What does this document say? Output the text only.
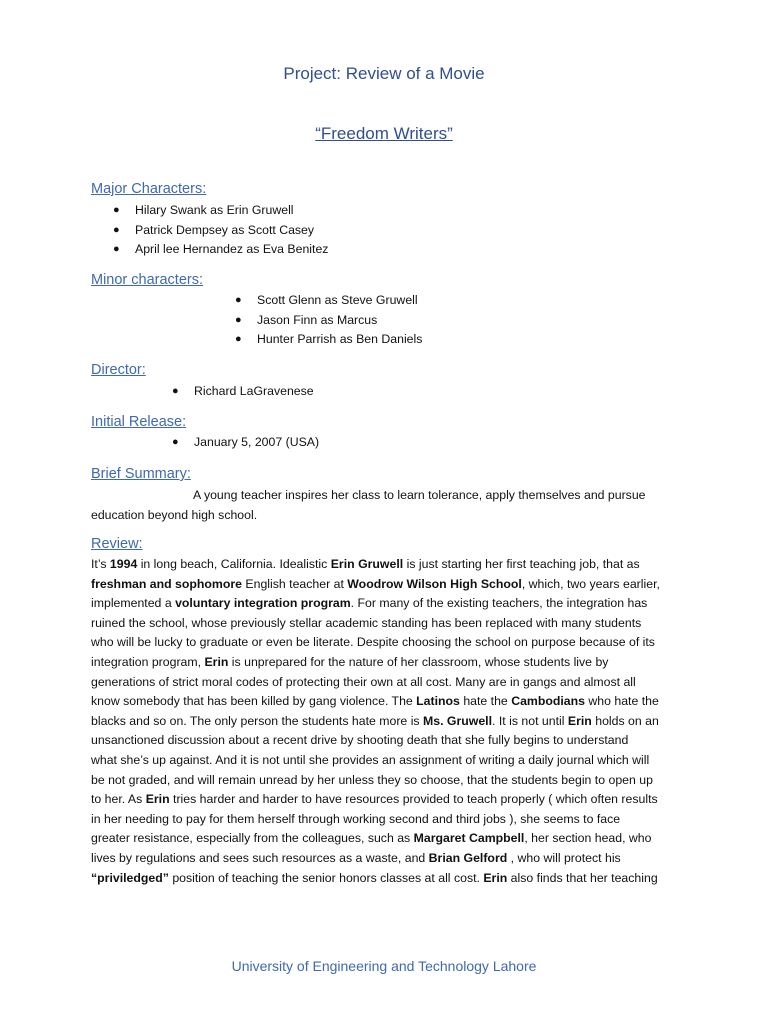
Project: Review of a Movie
“Freedom Writers”
Major Characters:
● Hilary Swank as Erin Gruwell
● Patrick Dempsey as Scott Casey
● April lee Hernandez as Eva Benitez
Minor characters:
● Scott Glenn as Steve Gruwell
● Jason Finn as Marcus
● Hunter Parrish as Ben Daniels
Director:
● Richard LaGravenese
Initial Release:
● January 5, 2007 (USA)
Brief Summary:
A young teacher inspires her class to learn tolerance, apply themselves and pursue
education beyond high school.
Review:
It’s 1994 in long beach, California. Idealistic Erin Gruwell is just starting her first teaching job, that as
freshman and sophomore English teacher at Woodrow Wilson High School, which, two years earlier,
implemented a voluntary integration program. For many of the existing teachers, the integration has
ruined the school, whose previously stellar academic standing has been replaced with many students
who will be lucky to graduate or even be literate. Despite choosing the school on purpose because of its
integration program, Erin is unprepared for the nature of her classroom, whose students live by
generations of strict moral codes of protecting their own at all cost. Many are in gangs and almost all
know somebody that has been killed by gang violence. The Latinos hate the Cambodians who hate the
blacks and so on. The only person the students hate more is Ms. Gruwell. It is not until Erin holds on an
unsanctioned discussion about a recent drive by shooting death that she fully begins to understand
what she’s up against. And it is not until she provides an assignment of writing a daily journal which will
be not graded, and will remain unread by her unless they so choose, that the students begin to open up
to her. As Erin tries harder and harder to have resources provided to teach properly ( which often results
in her needing to pay for them herself through working second and third jobs ), she seems to face
greater resistance, especially from the colleagues, such as Margaret Campbell, her section head, who
lives by regulations and sees such resources as a waste, and Brian Gelford , who will protect his
“priviledged” position of teaching the senior honors classes at all cost. Erin also finds that her teaching
University of Engineering and Technology Lahore
